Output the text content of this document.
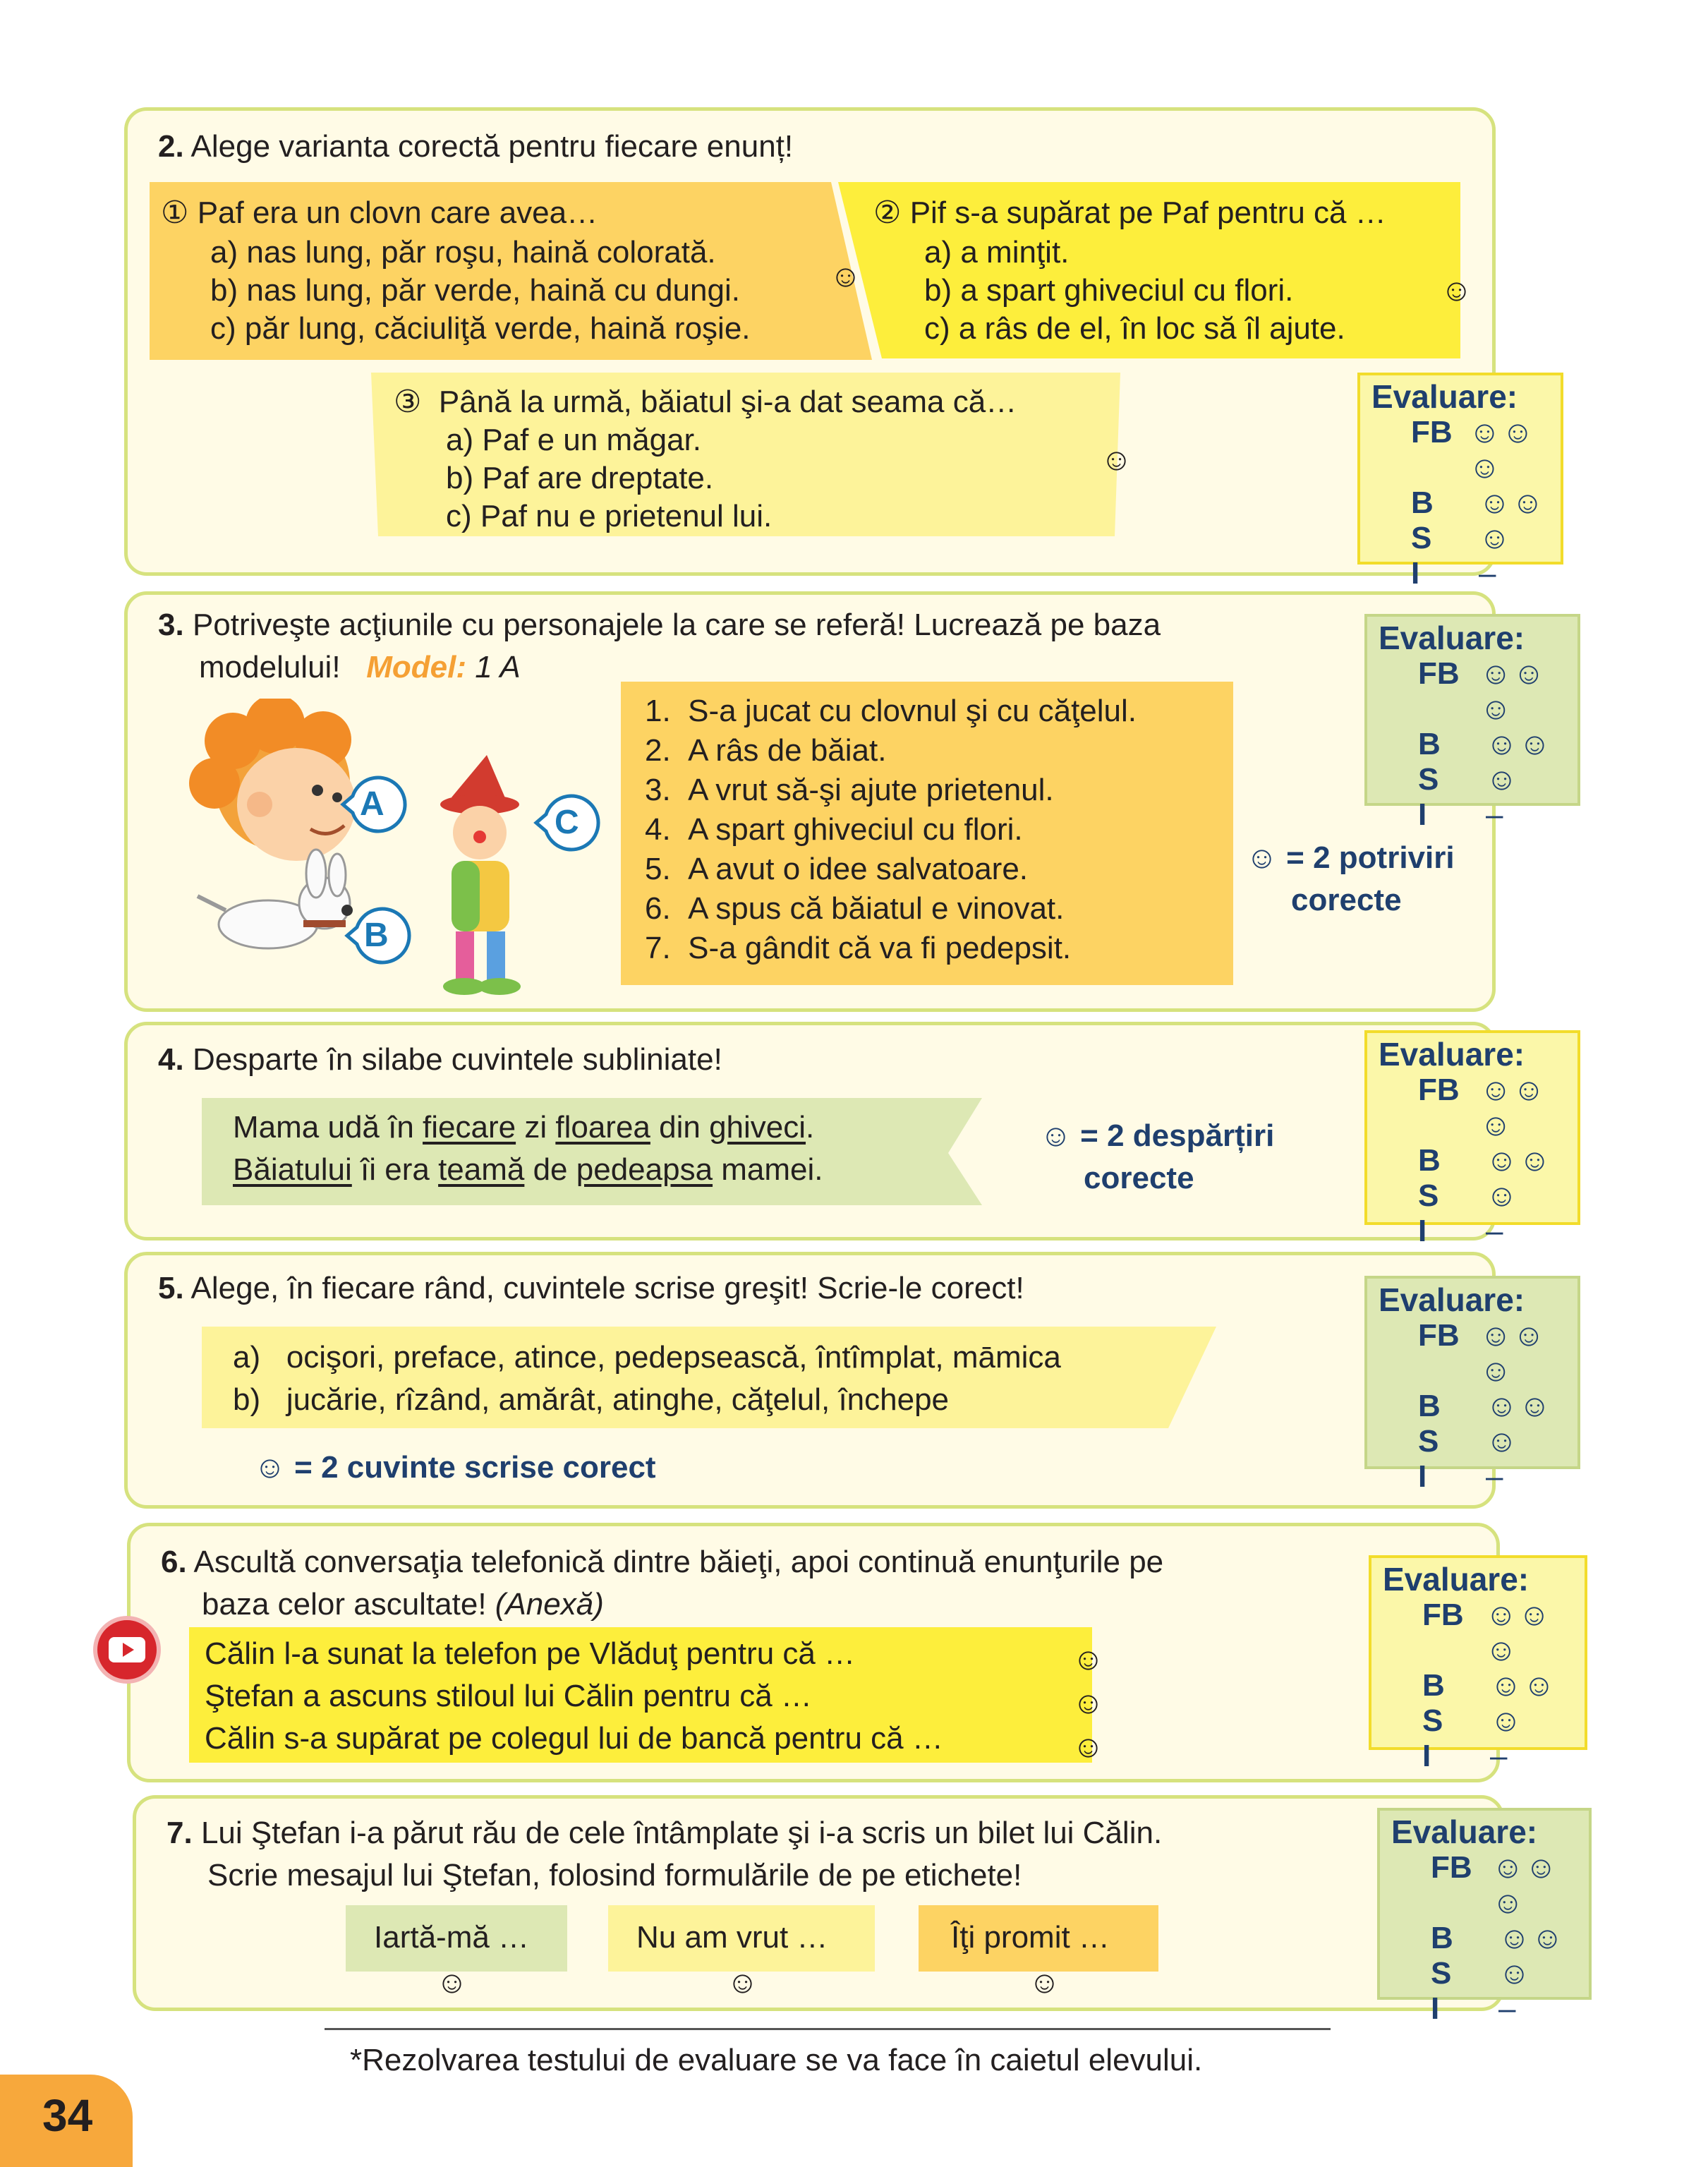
2. Alege varianta corectă pentru fiecare enunț!
① Paf era un clovn care avea…
a) nas lung, păr roşu, haină colorată.
b) nas lung, păr verde, haină cu dungi.
c) păr lung, căciuliţă verde, haină roşie.
☺
② Pif s-a supărat pe Paf pentru că …
a) a minţit.
b) a spart ghiveciul cu flori.
c) a râs de el, în loc să îl ajute.
☺
③ Până la urmă, băiatul şi-a dat seama că…
a) Paf e un măgar.
b) Paf are dreptate.
c) Paf nu e prietenul lui.
☺
Evaluare:
FB ☺☺☺
B	☺☺
S	☺
I	–
3. Potriveşte acţiunile cu personajele la care se referă! Lucrează pe baza
modelului! Model: 1 A
A
B
C
1. S-a jucat cu clovnul şi cu căţelul.
2. A râs de băiat.
3. A vrut să-şi ajute prietenul.
4. A spart ghiveciul cu flori.
5. A avut o idee salvatoare.
6. A spus că băiatul e vinovat.
7. S-a gândit că va fi pedepsit.
☺ = 2 potriviri
corecte
Evaluare:
FB ☺☺☺
B	☺☺
S	☺
I	–
4. Desparte în silabe cuvintele subliniate!
Mama udă în fiecare zi floarea din ghiveci.
Băiatului îi era teamă de pedeapsa mamei.
☺ = 2 despărțiri
corecte
Evaluare:
FB ☺☺☺
B	☺☺
S	☺
I	–
5. Alege, în fiecare rând, cuvintele scrise greşit! Scrie-le corect!
a) ocişori, preface, atince, pedepsească, întîmplat, māmica
b) jucărie, rîzând, amărât, atinghe, căţelul, închepe
☺ = 2 cuvinte scrise corect
Evaluare:
FB ☺☺☺
B	☺☺
S	☺
I	–
6. Ascultă conversaţia telefonică dintre băieţi, apoi continuă enunţurile pe
baza celor ascultate! (Anexă)
Călin l-a sunat la telefon pe Vlăduţ pentru că …
Ştefan a ascuns stiloul lui Călin pentru că …
Călin s-a supărat pe colegul lui de bancă pentru că …
☺
☺
☺
Evaluare:
FB ☺☺☺
B	☺☺
S	☺
I	–
7. Lui Ştefan i-a părut rău de cele întâmplate şi i-a scris un bilet lui Călin.
Scrie mesajul lui Ştefan, folosind formulările de pe etichete!
Iartă-mă …	Nu am vrut …	Îţi promit …
☺	☺	☺
Evaluare:
FB ☺☺☺
B	☺☺
S	☺
I	–
*Rezolvarea testului de evaluare se va face în caietul elevului.
34
